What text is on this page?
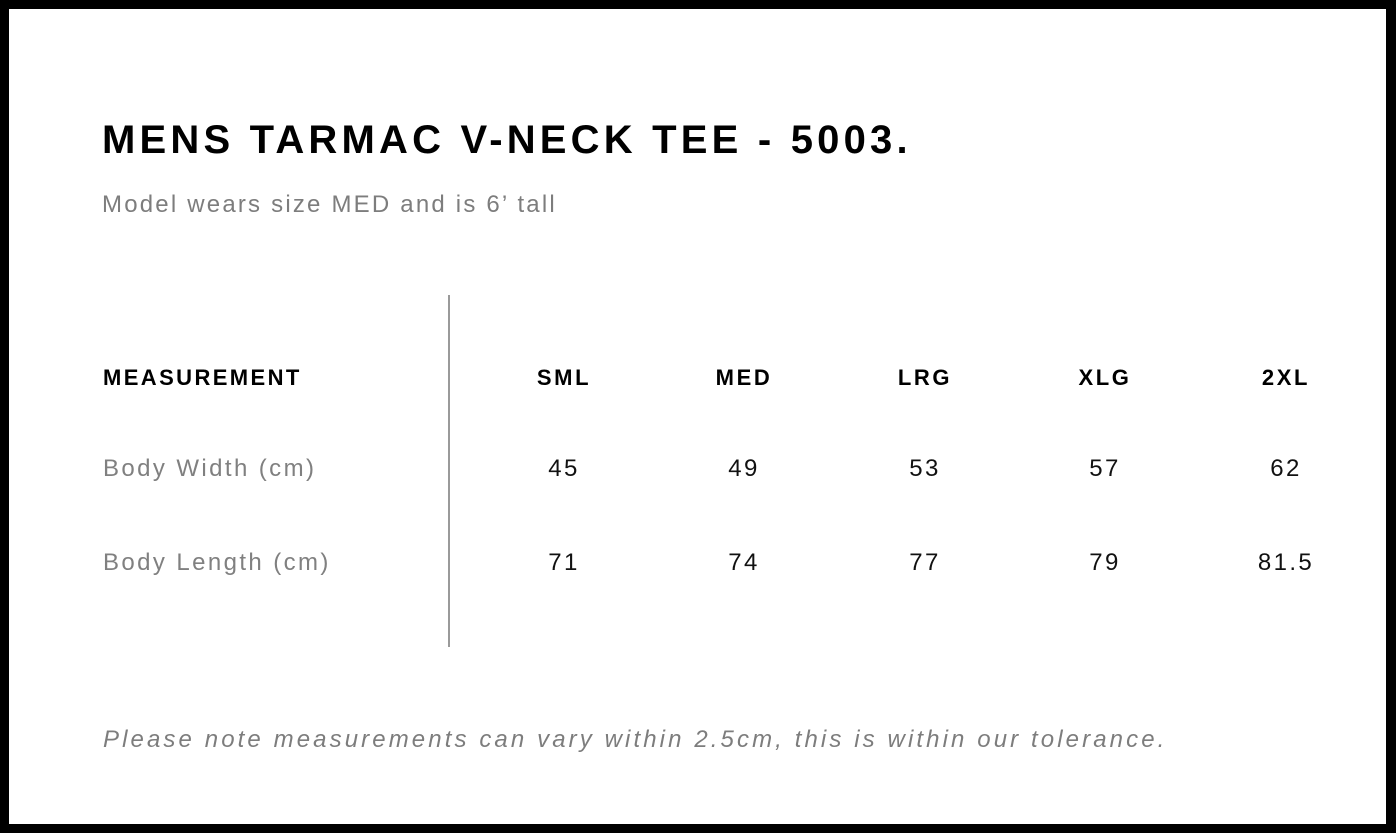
MENS TARMAC V-NECK TEE - 5003.

Model wears size MED and is 6’ tall

MEASUREMENT	SML	MED	LRG	XLG	2XL
Body Width (cm)	45	49	53	57	62
Body Length (cm)	71	74	77	79	81.5

Please note measurements can vary within 2.5cm, this is within our tolerance.
